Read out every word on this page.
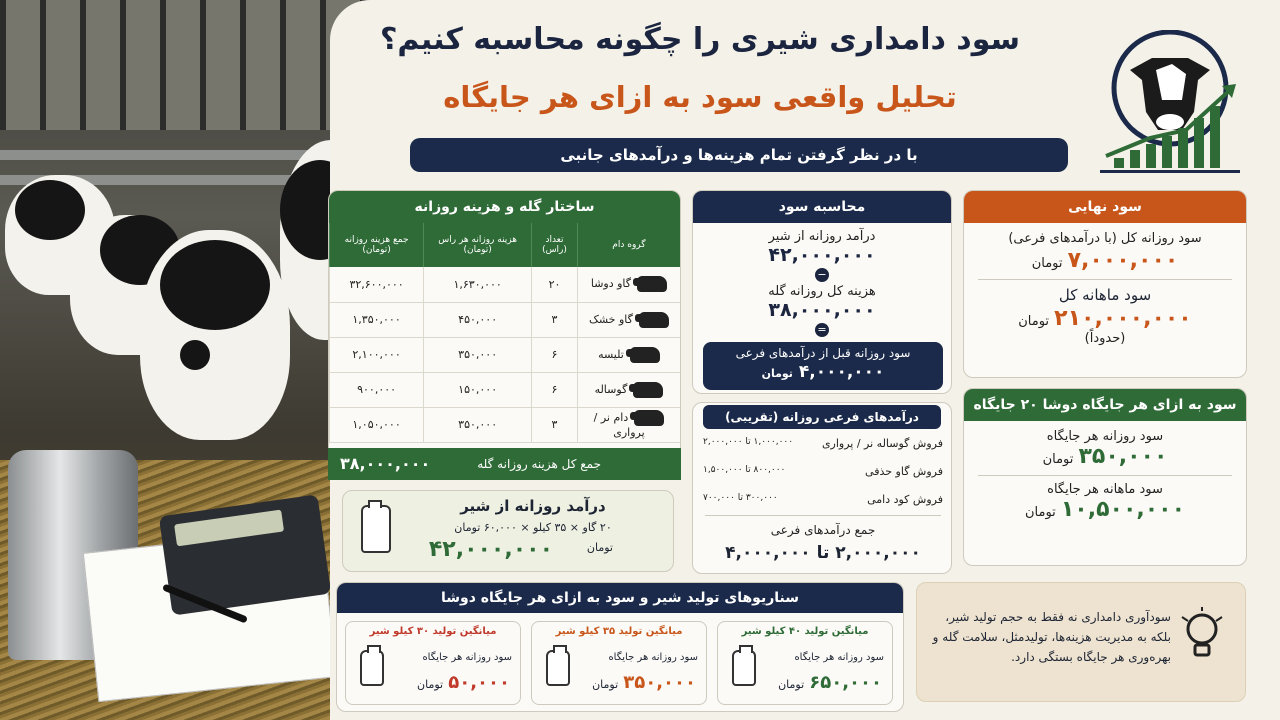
سود دامداری شیری را چگونه محاسبه کنیم؟
تحلیل واقعی سود به ازای هر جایگاه
با در نظر گرفتن تمام هزینه‌ها و درآمدهای جانبی
ساختار گله و هزینه روزانه
گروه دام	تعداد (راس)	هزینه روزانه هر راس (تومان)	جمع هزینه روزانه (تومان)
گاو دوشا	۲۰	۱,۶۳۰,۰۰۰	۳۲,۶۰۰,۰۰۰
گاو خشک	۳	۴۵۰,۰۰۰	۱,۳۵۰,۰۰۰
تلیسه	۶	۳۵۰,۰۰۰	۲,۱۰۰,۰۰۰
گوساله	۶	۱۵۰,۰۰۰	۹۰۰,۰۰۰
دام نر / پرواری	۳	۳۵۰,۰۰۰	۱,۰۵۰,۰۰۰
جمع کل هزینه روزانه گله
۳۸,۰۰۰,۰۰۰
درآمد روزانه از شیر
۲۰ گاو × ۳۵ کیلو × ۶۰,۰۰۰ تومان
تومان
۴۲,۰۰۰,۰۰۰
محاسبه سود
درآمد روزانه از شیر
۴۲,۰۰۰,۰۰۰
−
هزینه کل روزانه گله
۳۸,۰۰۰,۰۰۰
=
سود روزانه قبل از درآمدهای فرعی
۴,۰۰۰,۰۰۰ تومان
درآمدهای فرعی روزانه (تقریبی)
فروش گوساله نر / پرواری
۱,۰۰۰,۰۰۰ تا ۲,۰۰۰,۰۰۰
فروش گاو حذفی
۸۰۰,۰۰۰ تا ۱,۵۰۰,۰۰۰
فروش کود دامی
۳۰۰,۰۰۰ تا ۷۰۰,۰۰۰
جمع درآمدهای فرعی
۲,۰۰۰,۰۰۰ تا ۴,۰۰۰,۰۰۰
سود نهایی
سود روزانه کل (با درآمدهای فرعی)
۷,۰۰۰,۰۰۰ تومان
سود ماهانه کل
۲۱۰,۰۰۰,۰۰۰ تومان
(حدوداً)
سود به ازای هر جایگاه دوشا ۲۰ جایگاه
سود روزانه هر جایگاه
۳۵۰,۰۰۰ تومان
سود ماهانه هر جایگاه
۱۰,۵۰۰,۰۰۰ تومان
سناریوهای تولید شیر و سود به ازای هر جایگاه دوشا
میانگین تولید ۴۰ کیلو شیر
سود روزانه هر جایگاه
۶۵۰,۰۰۰ تومان
میانگین تولید ۳۵ کیلو شیر
سود روزانه هر جایگاه
۳۵۰,۰۰۰ تومان
میانگین تولید ۳۰ کیلو شیر
سود روزانه هر جایگاه
۵۰,۰۰۰ تومان
سودآوری دامداری نه فقط به حجم تولید شیر، بلکه به مدیریت هزینه‌ها، تولیدمثل، سلامت گله و بهره‌وری هر جایگاه بستگی دارد.
